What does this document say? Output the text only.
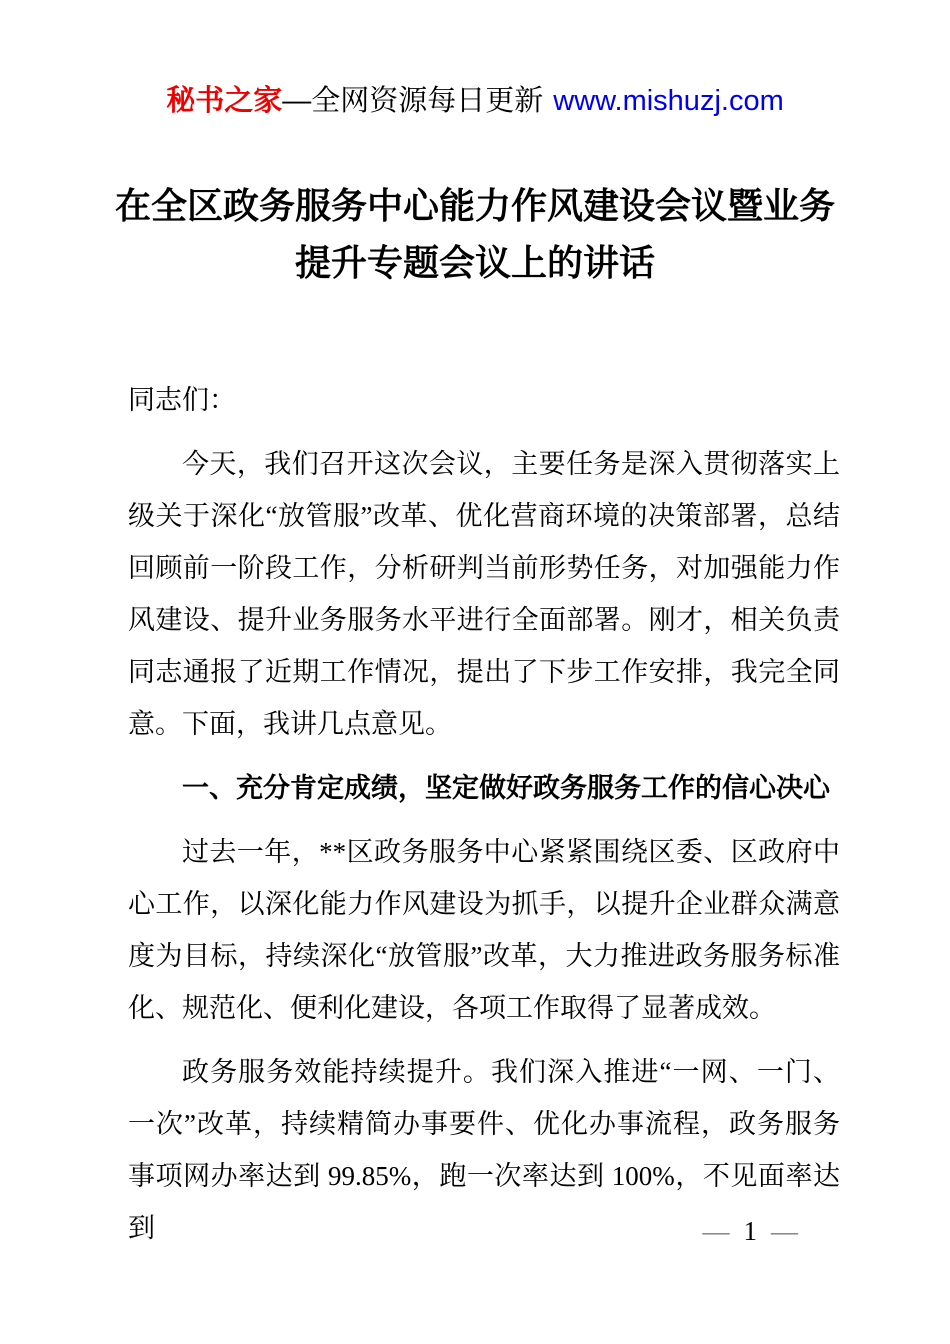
秘书之家—全网资源每日更新 www.mishuzj.com
在全区政务服务中心能力作风建设会议暨业务提升专题会议上的讲话

同志们：

今天，我们召开这次会议，主要任务是深入贯彻落实上级关于深化“放管服”改革、优化营商环境的决策部署，总结回顾前一阶段工作，分析研判当前形势任务，对加强能力作风建设、提升业务服务水平进行全面部署。刚才，相关负责同志通报了近期工作情况，提出了下步工作安排，我完全同意。下面，我讲几点意见。

一、充分肯定成绩，坚定做好政务服务工作的信心决心

过去一年，**区政务服务中心紧紧围绕区委、区政府中心工作，以深化能力作风建设为抓手，以提升企业群众满意度为目标，持续深化“放管服”改革，大力推进政务服务标准化、规范化、便利化建设，各项工作取得了显著成效。

政务服务效能持续提升。我们深入推进“一网、一门、一次”改革，持续精简办事要件、优化办事流程，政务服务事项网办率达到 99.85%，跑一次率达到 100%，不见面率达到	— 1 —
